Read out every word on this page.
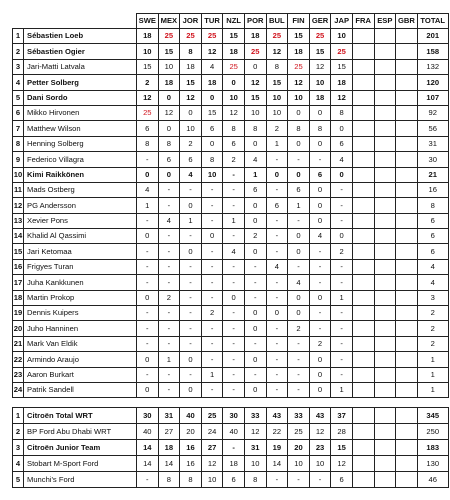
		SWE	MEX	JOR	TUR	NZL	POR	BUL	FIN	GER	JAP	FRA	ESP	GBR	TOTAL
1	Sébastien Loeb	18	25	25	25	15	18	25	15	25	10				201
2	Sébastien Ogier	10	15	8	12	18	25	12	18	15	25				158
3	Jari-Matti Latvala	15	10	18	4	25	0	8	25	12	15				132
4	Petter Solberg	2	18	15	18	0	12	15	12	10	18				120
5	Dani Sordo	12	0	12	0	10	15	10	10	18	12				107
6	Mikko Hirvonen	25	12	0	15	12	10	10	0	0	8				92
7	Matthew Wilson	6	0	10	6	8	8	2	8	8	0				56
8	Henning Solberg	8	8	2	0	6	0	1	0	0	6				31
9	Federico Villagra	-	6	6	8	2	4	-	-	-	4				30
10	Kimi Raikkönen	0	0	4	10	-	1	0	0	6	0				21
11	Mads Ostberg	4	-	-	-	-	6	-	6	0	-				16
12	PG Andersson	1	-	0	-	-	0	6	1	0	-				8
13	Xevier Pons	-	4	1	-	1	0	-	-	0	-				6
14	Khalid Al Qassimi	0	-	-	0	-	2	-	0	4	0				6
15	Jari Ketomaa	-	-	0	-	4	0	-	0	-	2				6
16	Frigyes Turan	-	-	-	-	-	-	4	-	-	-				4
17	Juha Kankkunen	-	-	-	-	-	-	-	4	-	-				4
18	Martin Prokop	0	2	-	-	0	-	-	0	0	1				3
19	Dennis Kuipers	-	-	-	2	-	0	0	0	-	-				2
20	Juho Hanninen	-	-	-	-	-	0	-	2	-	-				2
21	Mark Van Eldik	-	-	-	-	-	-	-	-	2	-				2
22	Armindo Araujo	0	1	0	-	-	0	-	-	0	-				1
23	Aaron Burkart	-	-	-	1	-	-	-	-	0	-				1
24	Patrik Sandell	0	-	0	-	-	0	-	-	0	1				1
1	Citroën Total WRT	30	31	40	25	30	33	43	33	43	37				345
2	BP Ford Abu Dhabi WRT	40	27	20	24	40	12	22	25	12	28				250
3	Citroën Junior Team	14	18	16	27	-	31	19	20	23	15				183
4	Stobart M-Sport Ford	14	14	16	12	18	10	14	10	10	12				130
5	Munchi's Ford	-	8	8	10	6	8	-	-	-	6				46
